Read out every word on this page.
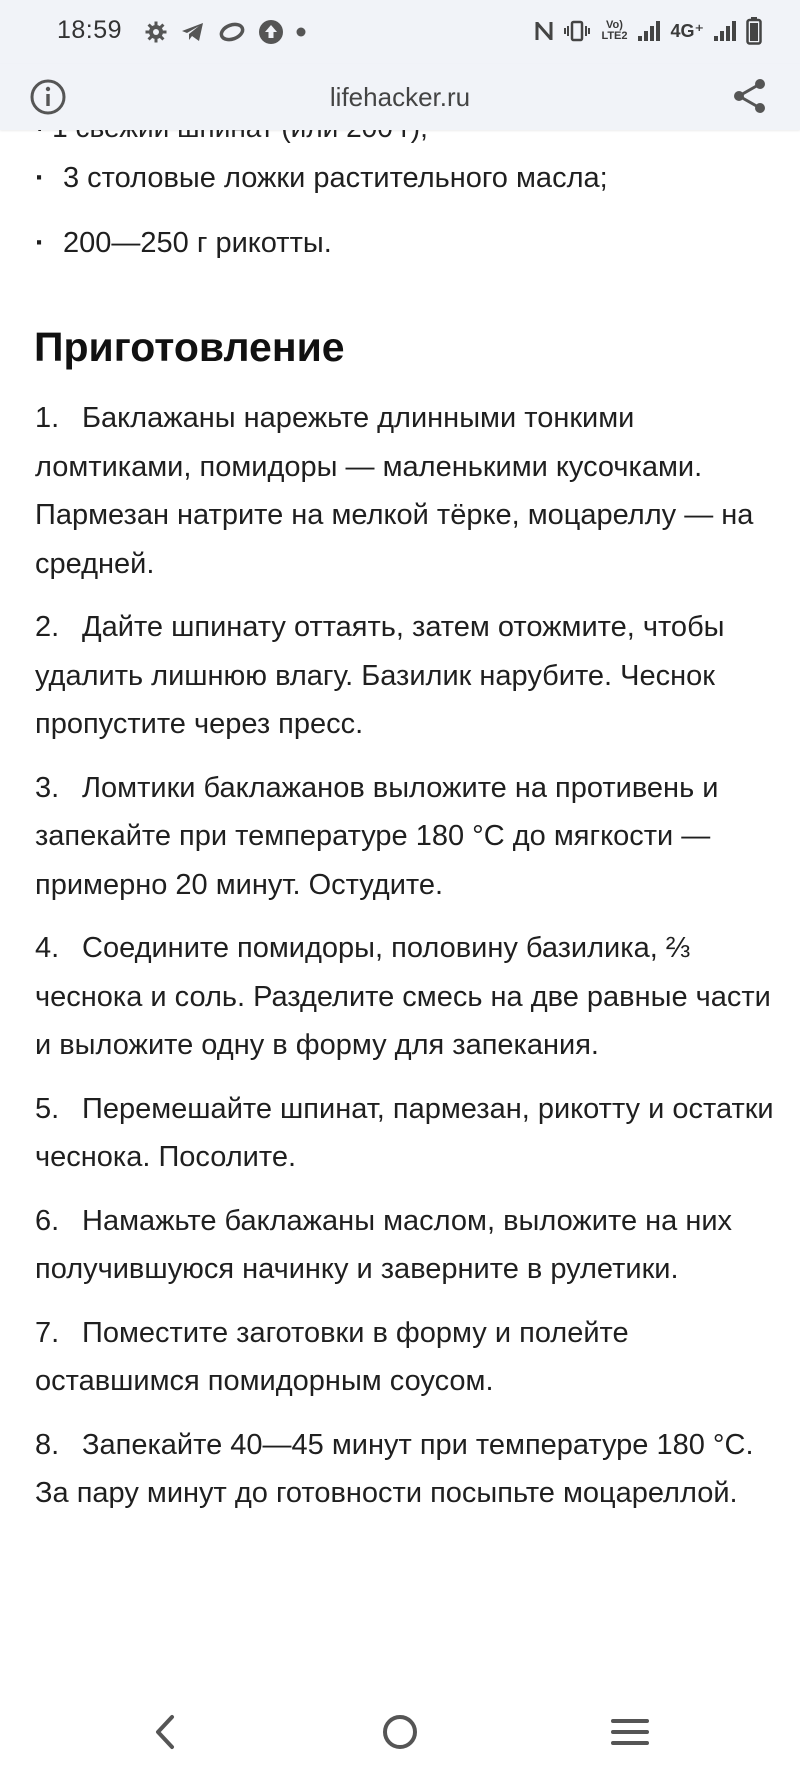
18:59	Vo)
LTE2 4G⁺
lifehacker.ru
· 3 столовые ложки растительного масла;
· 200—250 г рикотты.
Приготовление

1. Баклажаны нарежьте длинными тонкими ломтиками, помидоры — маленькими кусочками. Пармезан натрите на мелкой тёрке, моцареллу — на средней.

2. Дайте шпинату оттаять, затем отожмите, чтобы удалить лишнюю влагу. Базилик нарубите. Чеснок пропустите через пресс.

3. Ломтики баклажанов выложите на противень и запекайте при температуре 180 °С до мягкости — примерно 20 минут. Остудите.

4. Соедините помидоры, половину базилика, ⅔ чеснока и соль. Разделите смесь на две равные части и выложите одну в форму для запекания.

5. Перемешайте шпинат, пармезан, рикотту и остатки чеснока. Посолите.

6. Намажьте баклажаны маслом, выложите на них получившуюся начинку и заверните в рулетики.

7. Поместите заготовки в форму и полейте оставшимся помидорным соусом.

8. Запекайте 40—45 минут при температуре 180 °С. За пару минут до готовности посыпьте моцареллой.
